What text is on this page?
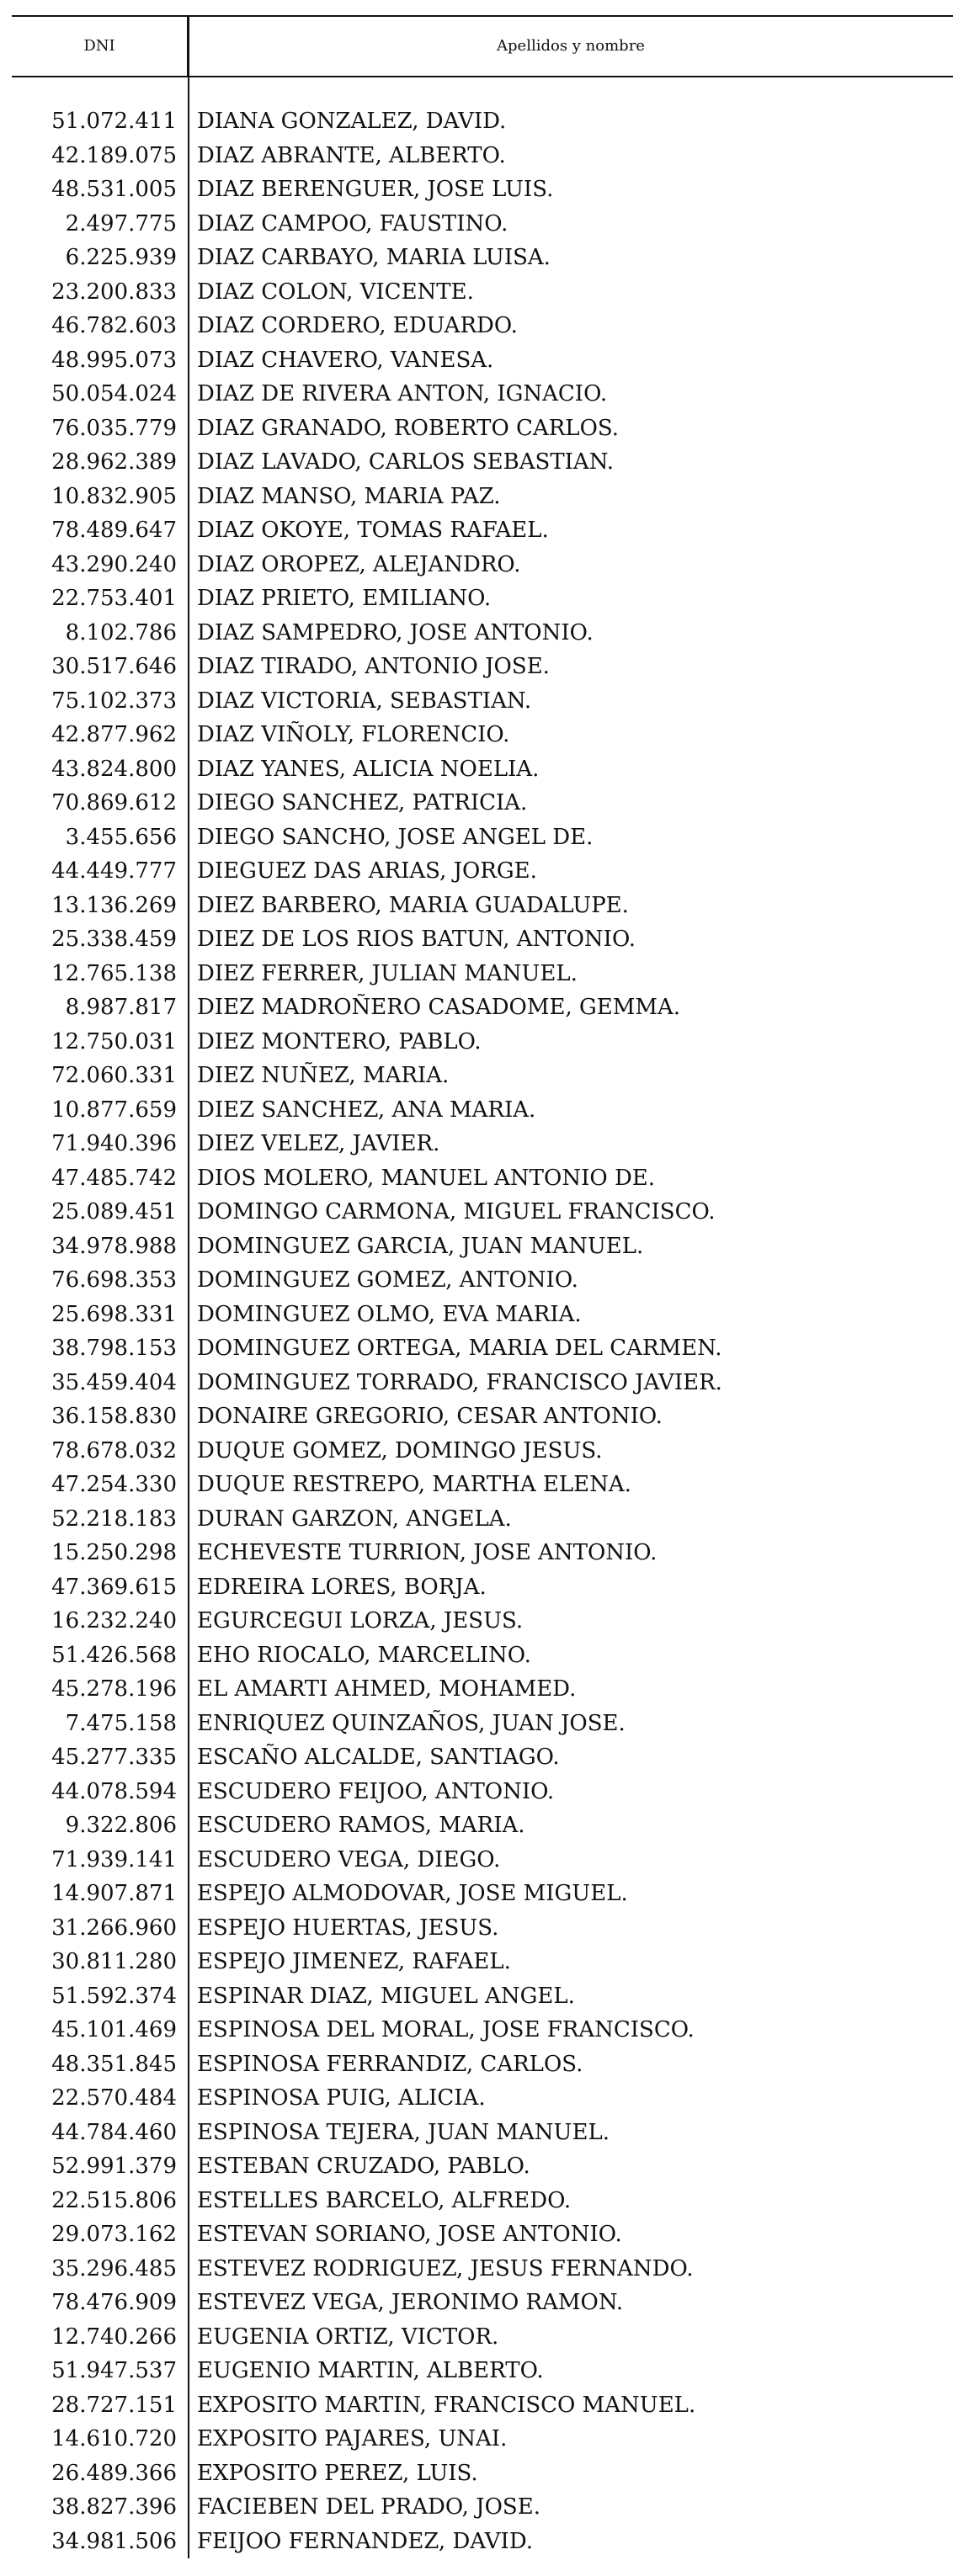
DNI	Apellidos y nombre
51.072.411 DIANA GONZALEZ, DAVID.
42.189.075 DIAZ ABRANTE, ALBERTO.
48.531.005 DIAZ BERENGUER, JOSE LUIS.
2.497.775 DIAZ CAMPOO, FAUSTINO.
6.225.939 DIAZ CARBAYO, MARIA LUISA.
23.200.833 DIAZ COLON, VICENTE.
46.782.603 DIAZ CORDERO, EDUARDO.
48.995.073 DIAZ CHAVERO, VANESA.
50.054.024 DIAZ DE RIVERA ANTON, IGNACIO.
76.035.779 DIAZ GRANADO, ROBERTO CARLOS.
28.962.389 DIAZ LAVADO, CARLOS SEBASTIAN.
10.832.905 DIAZ MANSO, MARIA PAZ.
78.489.647 DIAZ OKOYE, TOMAS RAFAEL.
43.290.240 DIAZ OROPEZ, ALEJANDRO.
22.753.401 DIAZ PRIETO, EMILIANO.
8.102.786 DIAZ SAMPEDRO, JOSE ANTONIO.
30.517.646 DIAZ TIRADO, ANTONIO JOSE.
75.102.373 DIAZ VICTORIA, SEBASTIAN.
42.877.962 DIAZ VIÑOLY, FLORENCIO.
43.824.800 DIAZ YANES, ALICIA NOELIA.
70.869.612 DIEGO SANCHEZ, PATRICIA.
3.455.656 DIEGO SANCHO, JOSE ANGEL DE.
44.449.777 DIEGUEZ DAS ARIAS, JORGE.
13.136.269 DIEZ BARBERO, MARIA GUADALUPE.
25.338.459 DIEZ DE LOS RIOS BATUN, ANTONIO.
12.765.138 DIEZ FERRER, JULIAN MANUEL.
8.987.817 DIEZ MADROÑERO CASADOME, GEMMA.
12.750.031 DIEZ MONTERO, PABLO.
72.060.331 DIEZ NUÑEZ, MARIA.
10.877.659 DIEZ SANCHEZ, ANA MARIA.
71.940.396 DIEZ VELEZ, JAVIER.
47.485.742 DIOS MOLERO, MANUEL ANTONIO DE.
25.089.451 DOMINGO CARMONA, MIGUEL FRANCISCO.
34.978.988 DOMINGUEZ GARCIA, JUAN MANUEL.
76.698.353 DOMINGUEZ GOMEZ, ANTONIO.
25.698.331 DOMINGUEZ OLMO, EVA MARIA.
38.798.153 DOMINGUEZ ORTEGA, MARIA DEL CARMEN.
35.459.404 DOMINGUEZ TORRADO, FRANCISCO JAVIER.
36.158.830 DONAIRE GREGORIO, CESAR ANTONIO.
78.678.032 DUQUE GOMEZ, DOMINGO JESUS.
47.254.330 DUQUE RESTREPO, MARTHA ELENA.
52.218.183 DURAN GARZON, ANGELA.
15.250.298 ECHEVESTE TURRION, JOSE ANTONIO.
47.369.615 EDREIRA LORES, BORJA.
16.232.240 EGURCEGUI LORZA, JESUS.
51.426.568 EHO RIOCALO, MARCELINO.
45.278.196 EL AMARTI AHMED, MOHAMED.
7.475.158 ENRIQUEZ QUINZAÑOS, JUAN JOSE.
45.277.335 ESCAÑO ALCALDE, SANTIAGO.
44.078.594 ESCUDERO FEIJOO, ANTONIO.
9.322.806 ESCUDERO RAMOS, MARIA.
71.939.141 ESCUDERO VEGA, DIEGO.
14.907.871 ESPEJO ALMODOVAR, JOSE MIGUEL.
31.266.960 ESPEJO HUERTAS, JESUS.
30.811.280 ESPEJO JIMENEZ, RAFAEL.
51.592.374 ESPINAR DIAZ, MIGUEL ANGEL.
45.101.469 ESPINOSA DEL MORAL, JOSE FRANCISCO.
48.351.845 ESPINOSA FERRANDIZ, CARLOS.
22.570.484 ESPINOSA PUIG, ALICIA.
44.784.460 ESPINOSA TEJERA, JUAN MANUEL.
52.991.379 ESTEBAN CRUZADO, PABLO.
22.515.806 ESTELLES BARCELO, ALFREDO.
29.073.162 ESTEVAN SORIANO, JOSE ANTONIO.
35.296.485 ESTEVEZ RODRIGUEZ, JESUS FERNANDO.
78.476.909 ESTEVEZ VEGA, JERONIMO RAMON.
12.740.266 EUGENIA ORTIZ, VICTOR.
51.947.537 EUGENIO MARTIN, ALBERTO.
28.727.151 EXPOSITO MARTIN, FRANCISCO MANUEL.
14.610.720 EXPOSITO PAJARES, UNAI.
26.489.366 EXPOSITO PEREZ, LUIS.
38.827.396 FACIEBEN DEL PRADO, JOSE.
34.981.506 FEIJOO FERNANDEZ, DAVID.
